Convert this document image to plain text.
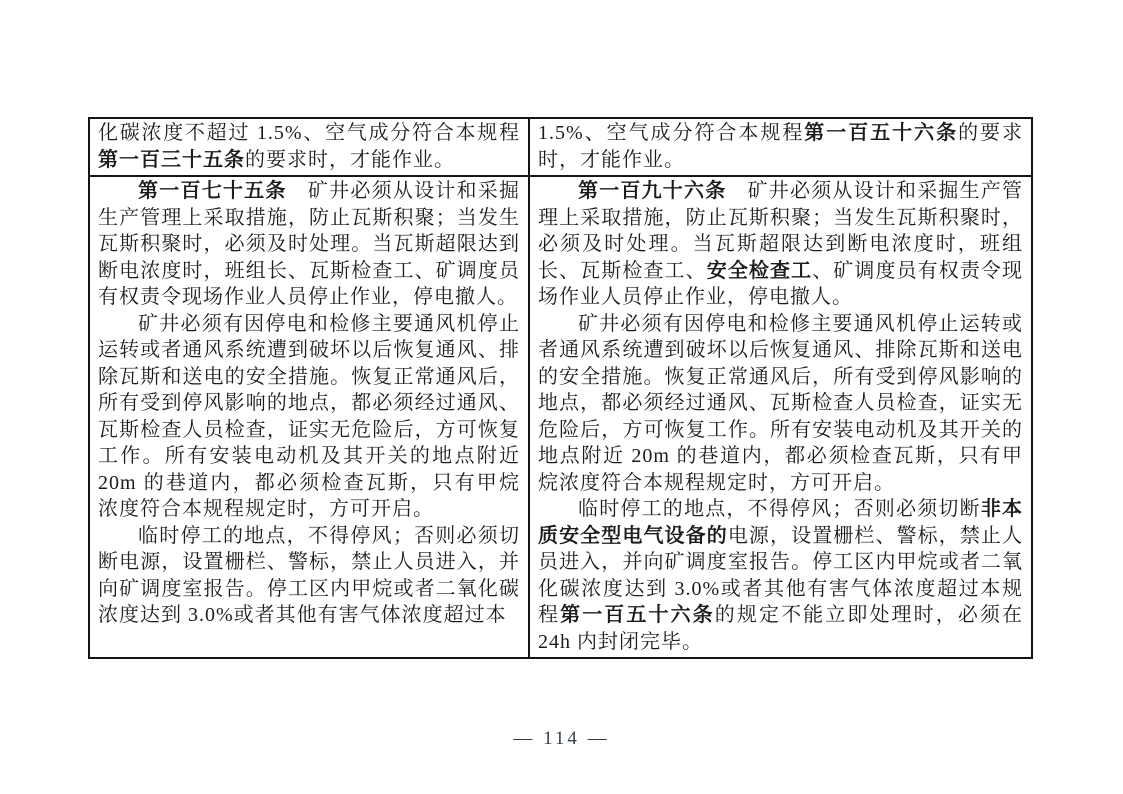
化碳浓度不超过 1.5%、空气成分符合本规程第一百三十五条的要求时，才能作业。

1.5%、空气成分符合本规程第一百五十六条的要求时，才能作业。

第一百七十五条　矿井必须从设计和采掘生产管理上采取措施，防止瓦斯积聚；当发生瓦斯积聚时，必须及时处理。当瓦斯超限达到断电浓度时，班组长、瓦斯检查工、矿调度员有权责令现场作业人员停止作业，停电撤人。

矿井必须有因停电和检修主要通风机停止运转或者通风系统遭到破坏以后恢复通风、排除瓦斯和送电的安全措施。恢复正常通风后，所有受到停风影响的地点，都必须经过通风、瓦斯检查人员检查，证实无危险后，方可恢复工作。所有安装电动机及其开关的地点附近 20m 的巷道内，都必须检查瓦斯，只有甲烷浓度符合本规程规定时，方可开启。

临时停工的地点，不得停风；否则必须切断电源，设置栅栏、警标，禁止人员进入，并向矿调度室报告。停工区内甲烷或者二氧化碳浓度达到 3.0%或者其他有害气体浓度超过本

第一百九十六条　矿井必须从设计和采掘生产管理上采取措施，防止瓦斯积聚；当发生瓦斯积聚时，必须及时处理。当瓦斯超限达到断电浓度时，班组长、瓦斯检查工、安全检查工、矿调度员有权责令现场作业人员停止作业，停电撤人。

矿井必须有因停电和检修主要通风机停止运转或者通风系统遭到破坏以后恢复通风、排除瓦斯和送电的安全措施。恢复正常通风后，所有受到停风影响的地点，都必须经过通风、瓦斯检查人员检查，证实无危险后，方可恢复工作。所有安装电动机及其开关的地点附近 20m 的巷道内，都必须检查瓦斯，只有甲烷浓度符合本规程规定时，方可开启。

临时停工的地点，不得停风；否则必须切断非本质安全型电气设备的电源，设置栅栏、警标，禁止人员进入，并向矿调度室报告。停工区内甲烷或者二氧化碳浓度达到 3.0%或者其他有害气体浓度超过本规程第一百五十六条的规定不能立即处理时，必须在 24h 内封闭完毕。

— 114 —
